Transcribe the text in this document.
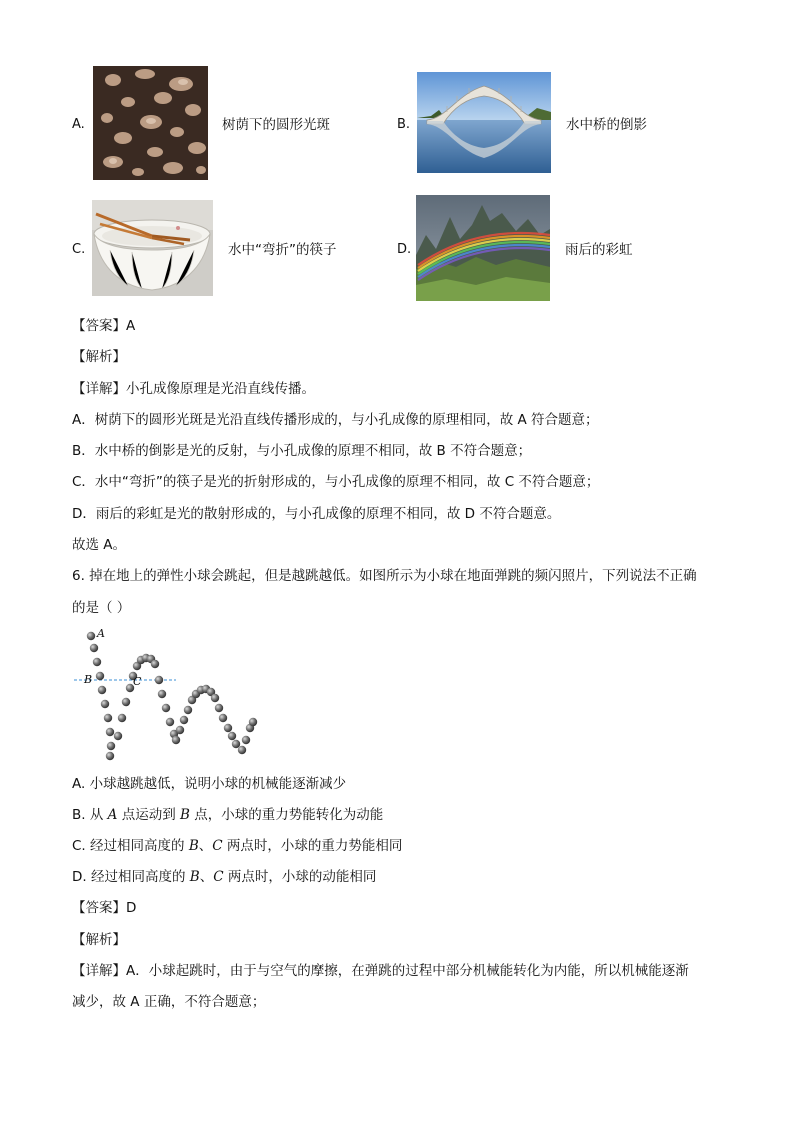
A.	树荫下的圆形光斑	B.	水中桥的倒影
C.	水中“弯折”的筷子	D.	雨后的彩虹
【答案】A
【解析】
【详解】小孔成像原理是光沿直线传播。
A．树荫下的圆形光斑是光沿直线传播形成的，与小孔成像的原理相同，故 A 符合题意；
B．水中桥的倒影是光的反射，与小孔成像的原理不相同，故 B 不符合题意；
C．水中“弯折”的筷子是光的折射形成的，与小孔成像的原理不相同，故 C 不符合题意；
D．雨后的彩虹是光的散射形成的，与小孔成像的原理不相同，故 D 不符合题意。
故选 A。
6. 掉在地上的弹性小球会跳起，但是越跳越低。如图所示为小球在地面弹跳的频闪照片，下列说法不正确
的是（ ）
A
B	C
A. 小球越跳越低，说明小球的机械能逐渐减少
B. 从 A 点运动到 B 点，小球的重力势能转化为动能
C. 经过相同高度的 B、C 两点时，小球的重力势能相同
D. 经过相同高度的 B、C 两点时，小球的动能相同
【答案】D
【解析】
【详解】A．小球起跳时，由于与空气的摩擦，在弹跳的过程中部分机械能转化为内能，所以机械能逐渐
减少，故 A 正确，不符合题意；
